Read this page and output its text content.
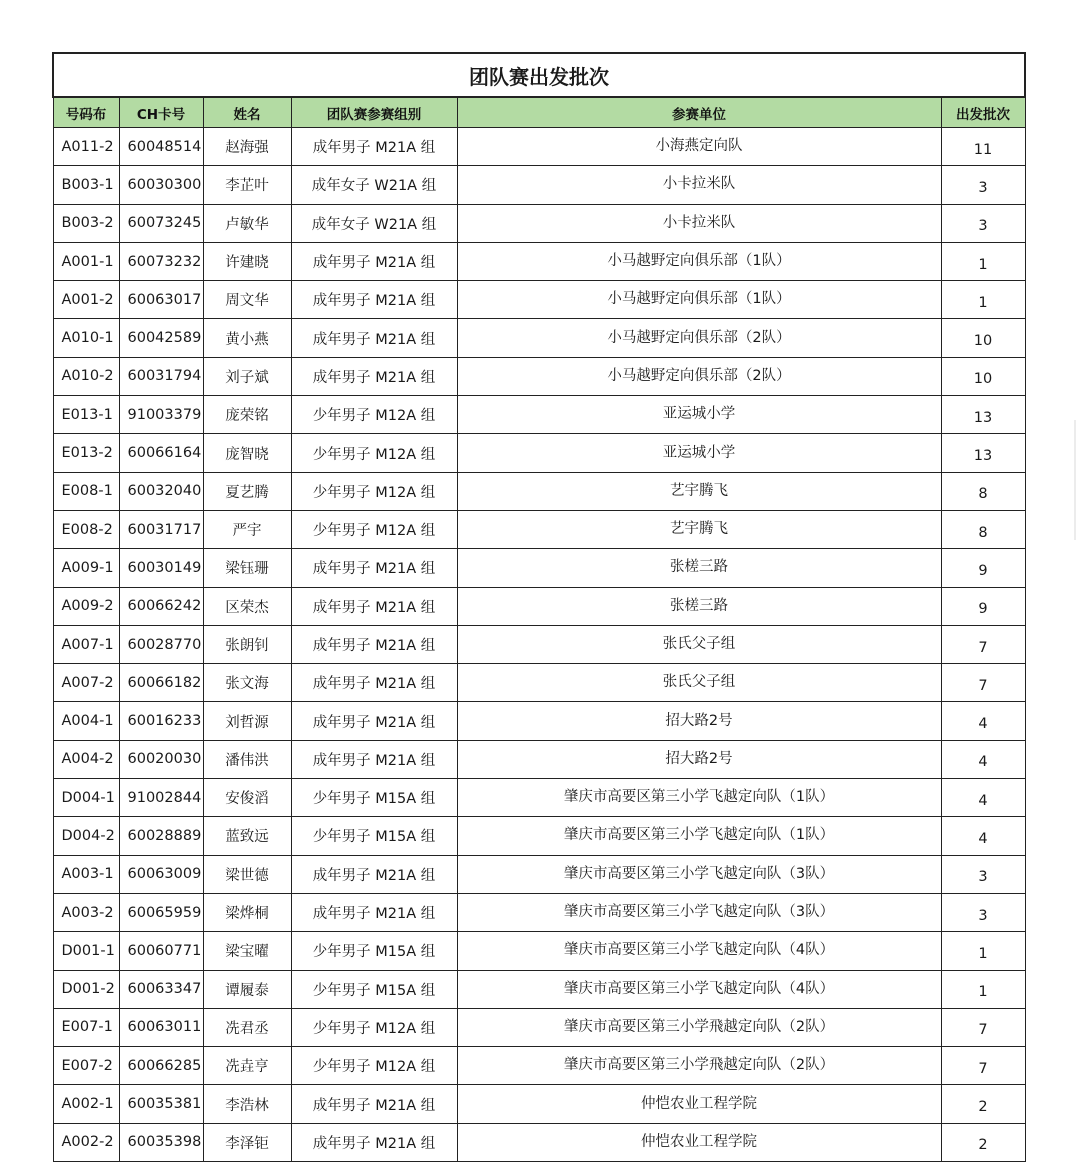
团队赛出发批次					
号码布	CH卡号	姓名	团队赛参赛组别	参赛单位	出发批次
A011-2	60048514	赵海强	成年男子 M21A 组	小海燕定向队	11
B003-1	60030300	李芷叶	成年女子 W21A 组	小卡拉米队	3
B003-2	60073245	卢敏华	成年女子 W21A 组	小卡拉米队	3
A001-1	60073232	许建晓	成年男子 M21A 组	小马越野定向俱乐部（1队）	1
A001-2	60063017	周文华	成年男子 M21A 组	小马越野定向俱乐部（1队）	1
A010-1	60042589	黄小燕	成年男子 M21A 组	小马越野定向俱乐部（2队）	10
A010-2	60031794	刘子斌	成年男子 M21A 组	小马越野定向俱乐部（2队）	10
E013-1	91003379	庞荣铭	少年男子 M12A 组	亚运城小学	13
E013-2	60066164	庞智晓	少年男子 M12A 组	亚运城小学	13
E008-1	60032040	夏艺腾	少年男子 M12A 组	艺宇腾飞	8
E008-2	60031717	严宇	少年男子 M12A 组	艺宇腾飞	8
A009-1	60030149	梁钰珊	成年男子 M21A 组	张槎三路	9
A009-2	60066242	区荣杰	成年男子 M21A 组	张槎三路	9
A007-1	60028770	张朗钊	成年男子 M21A 组	张氏父子组	7
A007-2	60066182	张文海	成年男子 M21A 组	张氏父子组	7
A004-1	60016233	刘哲源	成年男子 M21A 组	招大路2号	4
A004-2	60020030	潘伟洪	成年男子 M21A 组	招大路2号	4
D004-1	91002844	安俊滔	少年男子 M15A 组	肇庆市高要区第三小学飞越定向队（1队）	4
D004-2	60028889	蓝致远	少年男子 M15A 组	肇庆市高要区第三小学飞越定向队（1队）	4
A003-1	60063009	梁世德	成年男子 M21A 组	肇庆市高要区第三小学飞越定向队（3队）	3
A003-2	60065959	梁烨桐	成年男子 M21A 组	肇庆市高要区第三小学飞越定向队（3队）	3
D001-1	60060771	梁宝曜	少年男子 M15A 组	肇庆市高要区第三小学飞越定向队（4队）	1
D001-2	60063347	谭履泰	少年男子 M15A 组	肇庆市高要区第三小学飞越定向队（4队）	1
E007-1	60063011	冼君丞	少年男子 M12A 组	肇庆市高要区第三小学飛越定向队（2队）	7
E007-2	60066285	冼垚亨	少年男子 M12A 组	肇庆市高要区第三小学飛越定向队（2队）	7
A002-1	60035381	李浩林	成年男子 M21A 组	仲恺农业工程学院	2
A002-2	60035398	李泽钜	成年男子 M21A 组	仲恺农业工程学院	2
